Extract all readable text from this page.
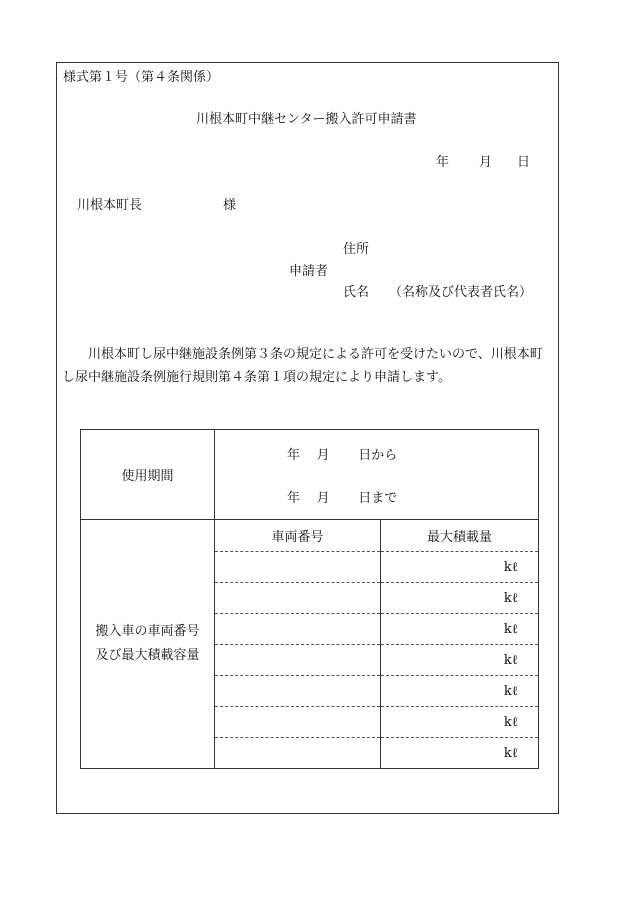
様式第１号（第４条関係）
川根本町中継センター搬入許可申請書
年 月 日
川根本町長	様
住所
申請者
氏名 （名称及び代表者氏名）
川根本町し尿中継施設条例第３条の規定による許可を受けたいので、川根本町
し尿中継施設条例施行規則第４条第１項の規定により申請します。
使用期間	年 月 日から
年 月 日まで	

搬入車の車両番号
及び最大積載容量	車両番号	最大積載量
		kℓ
		kℓ
		kℓ
		kℓ
		kℓ
		kℓ
		kℓ
